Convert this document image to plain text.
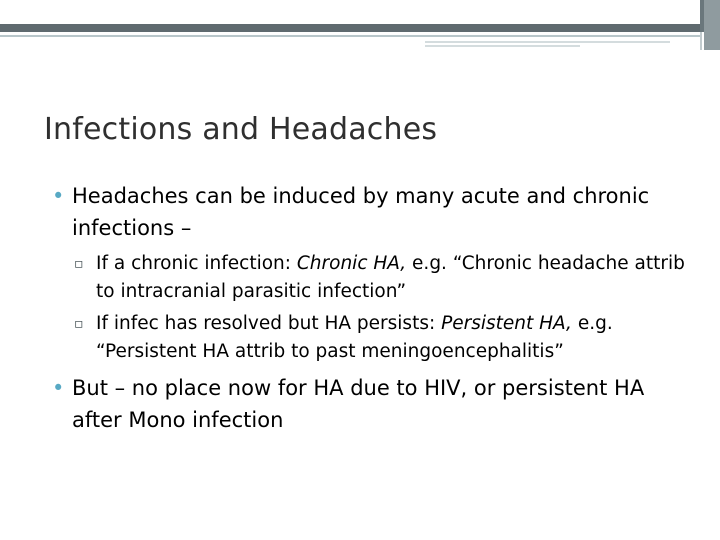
Infections and Headaches
• Headaches can be induced by many acute and chronic infections –
▫ If a chronic infection: Chronic HA, e.g. “Chronic headache attrib to intracranial parasitic infection”
▫ If infec has resolved but HA persists: Persistent HA, e.g. “Persistent HA attrib to past meningoencephalitis”
• But – no place now for HA due to HIV, or persistent HA after Mono infection
